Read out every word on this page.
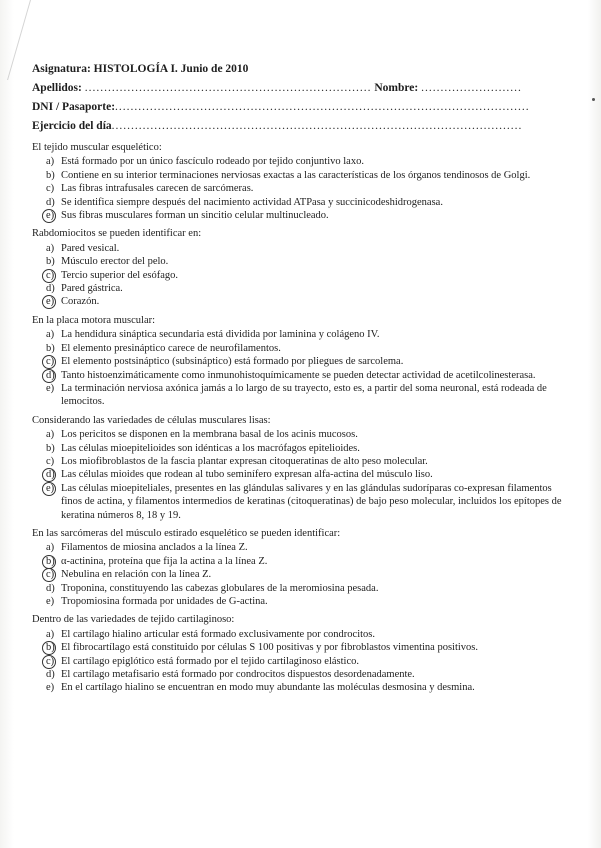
Asignatura: HISTOLOGÍA I. Junio de 2010
Apellidos: .......................................................................... Nombre: ..........................
DNI / Pasaporte: ...........................................................................................................
Ejercicio del día ..........................................................................................................
El tejido muscular esquelético:
a) Está formado por un único fascículo rodeado por tejido conjuntivo laxo.
b) Contiene en su interior terminaciones nerviosas exactas a las características de los órganos tendinosos de Golgi.
c) Las fibras intrafusales carecen de sarcómeras.
d) Se identifica siempre después del nacimiento actividad ATPasa y succinicodeshidrogenasa.
e) Sus fibras musculares forman un sincitio celular multinucleado.
Rabdomiocitos se pueden identificar en:
a) Pared vesical.
b) Músculo erector del pelo.
c) Tercio superior del esófago.
d) Pared gástrica.
e) Corazón.
En la placa motora muscular:
a) La hendidura sináptica secundaria está dividida por laminina y colágeno IV.
b) El elemento presináptico carece de neurofilamentos.
c) El elemento postsináptico (subsináptico) está formado por pliegues de sarcolema.
d) Tanto histoenzimáticamente como inmunohistoquímicamente se pueden detectar actividad de acetilcolinesterasa.
e) La terminación nerviosa axónica jamás a lo largo de su trayecto, esto es, a partir del soma neuronal, está rodeada de lemocitos.
Considerando las variedades de células musculares lisas:
a) Los pericitos se disponen en la membrana basal de los acinis mucosos.
b) Las células mioepitelioides son idénticas a los macrófagos epitelioides.
c) Los miofibroblastos de la fascia plantar expresan citoqueratinas de alto peso molecular.
d) Las células mioides que rodean al tubo seminífero expresan alfa-actina del músculo liso.
e) Las células mioepiteliales, presentes en las glándulas salivares y en las glándulas sudoríparas co-expresan filamentos finos de actina, y filamentos intermedios de keratinas (citoqueratinas) de bajo peso molecular, incluidos los epítopes de keratina números 8, 18 y 19.
En las sarcómeras del músculo estirado esquelético se pueden identificar:
a) Filamentos de miosina anclados a la línea Z.
b) α-actinina, proteína que fija la actina a la línea Z.
c) Nebulina en relación con la línea Z.
d) Troponina, constituyendo las cabezas globulares de la meromiosina pesada.
e) Tropomiosina formada por unidades de G-actina.
Dentro de las variedades de tejido cartilaginoso:
a) El cartílago hialino articular está formado exclusivamente por condrocitos.
b) El fibrocartílago está constituido por células S 100 positivas y por fibroblastos vimentina positivos.
c) El cartílago epiglótico está formado por el tejido cartilaginoso elástico.
d) El cartílago metafisario está formado por condrocitos dispuestos desordenadamente.
e) En el cartílago hialino se encuentran en modo muy abundante las moléculas desmosina y desmina.
